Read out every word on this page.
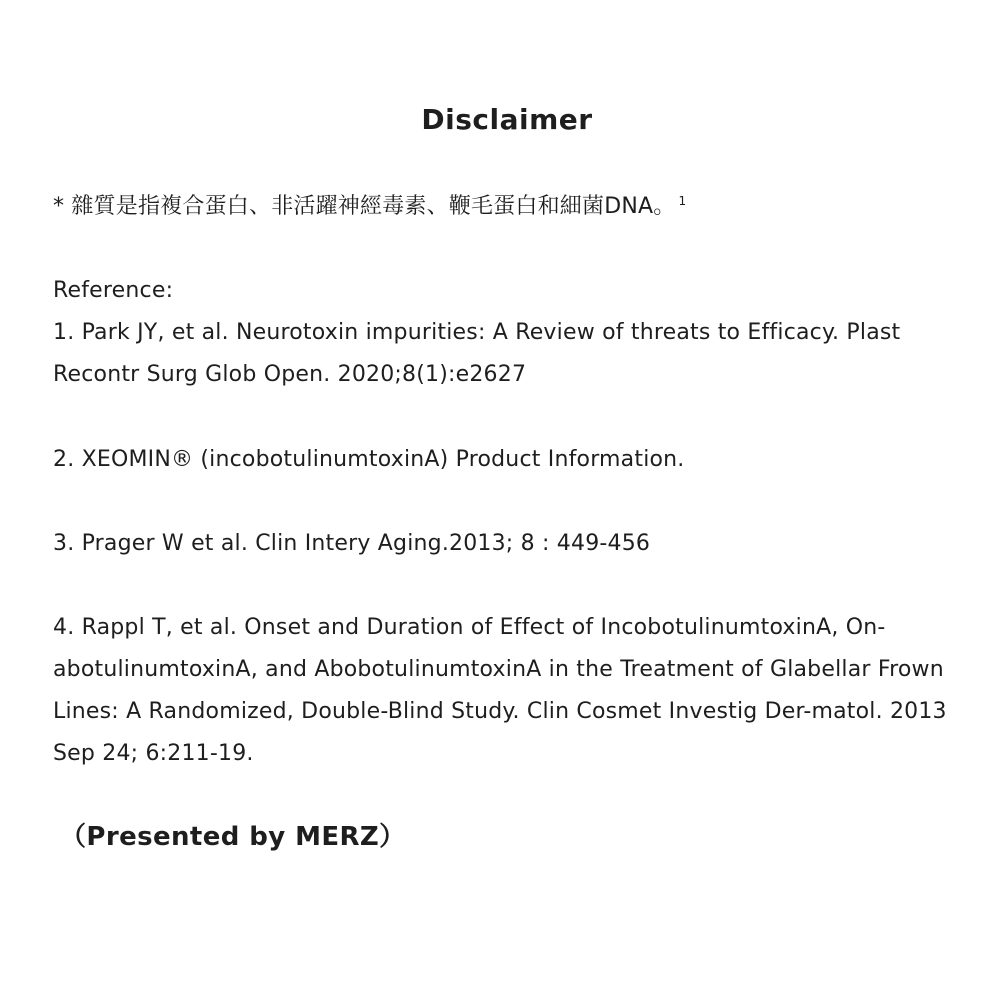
Disclaimer

* 雜質是指複合蛋白、非活躍神經毒素、鞭毛蛋白和細菌DNA。 $^1$

Reference:

1. Park JY, et al. Neurotoxin impurities: A Review of threats to Efficacy. Plast Recontr Surg Glob Open. 2020;8(1):e2627

2. XEOMIN® (incobotulinumtoxinA) Product Information.

3. Prager W et al. Clin Intery Aging.2013; 8 : 449-456

4. Rappl T, et al. Onset and Duration of Effect of IncobotulinumtoxinA, On-abotulinumtoxinA, and AbobotulinumtoxinA in the Treatment of Glabellar Frown Lines: A Randomized, Double-Blind Study. Clin Cosmet Investig Der-matol. 2013 Sep 24; 6:211-19.

（Presented by MERZ）
